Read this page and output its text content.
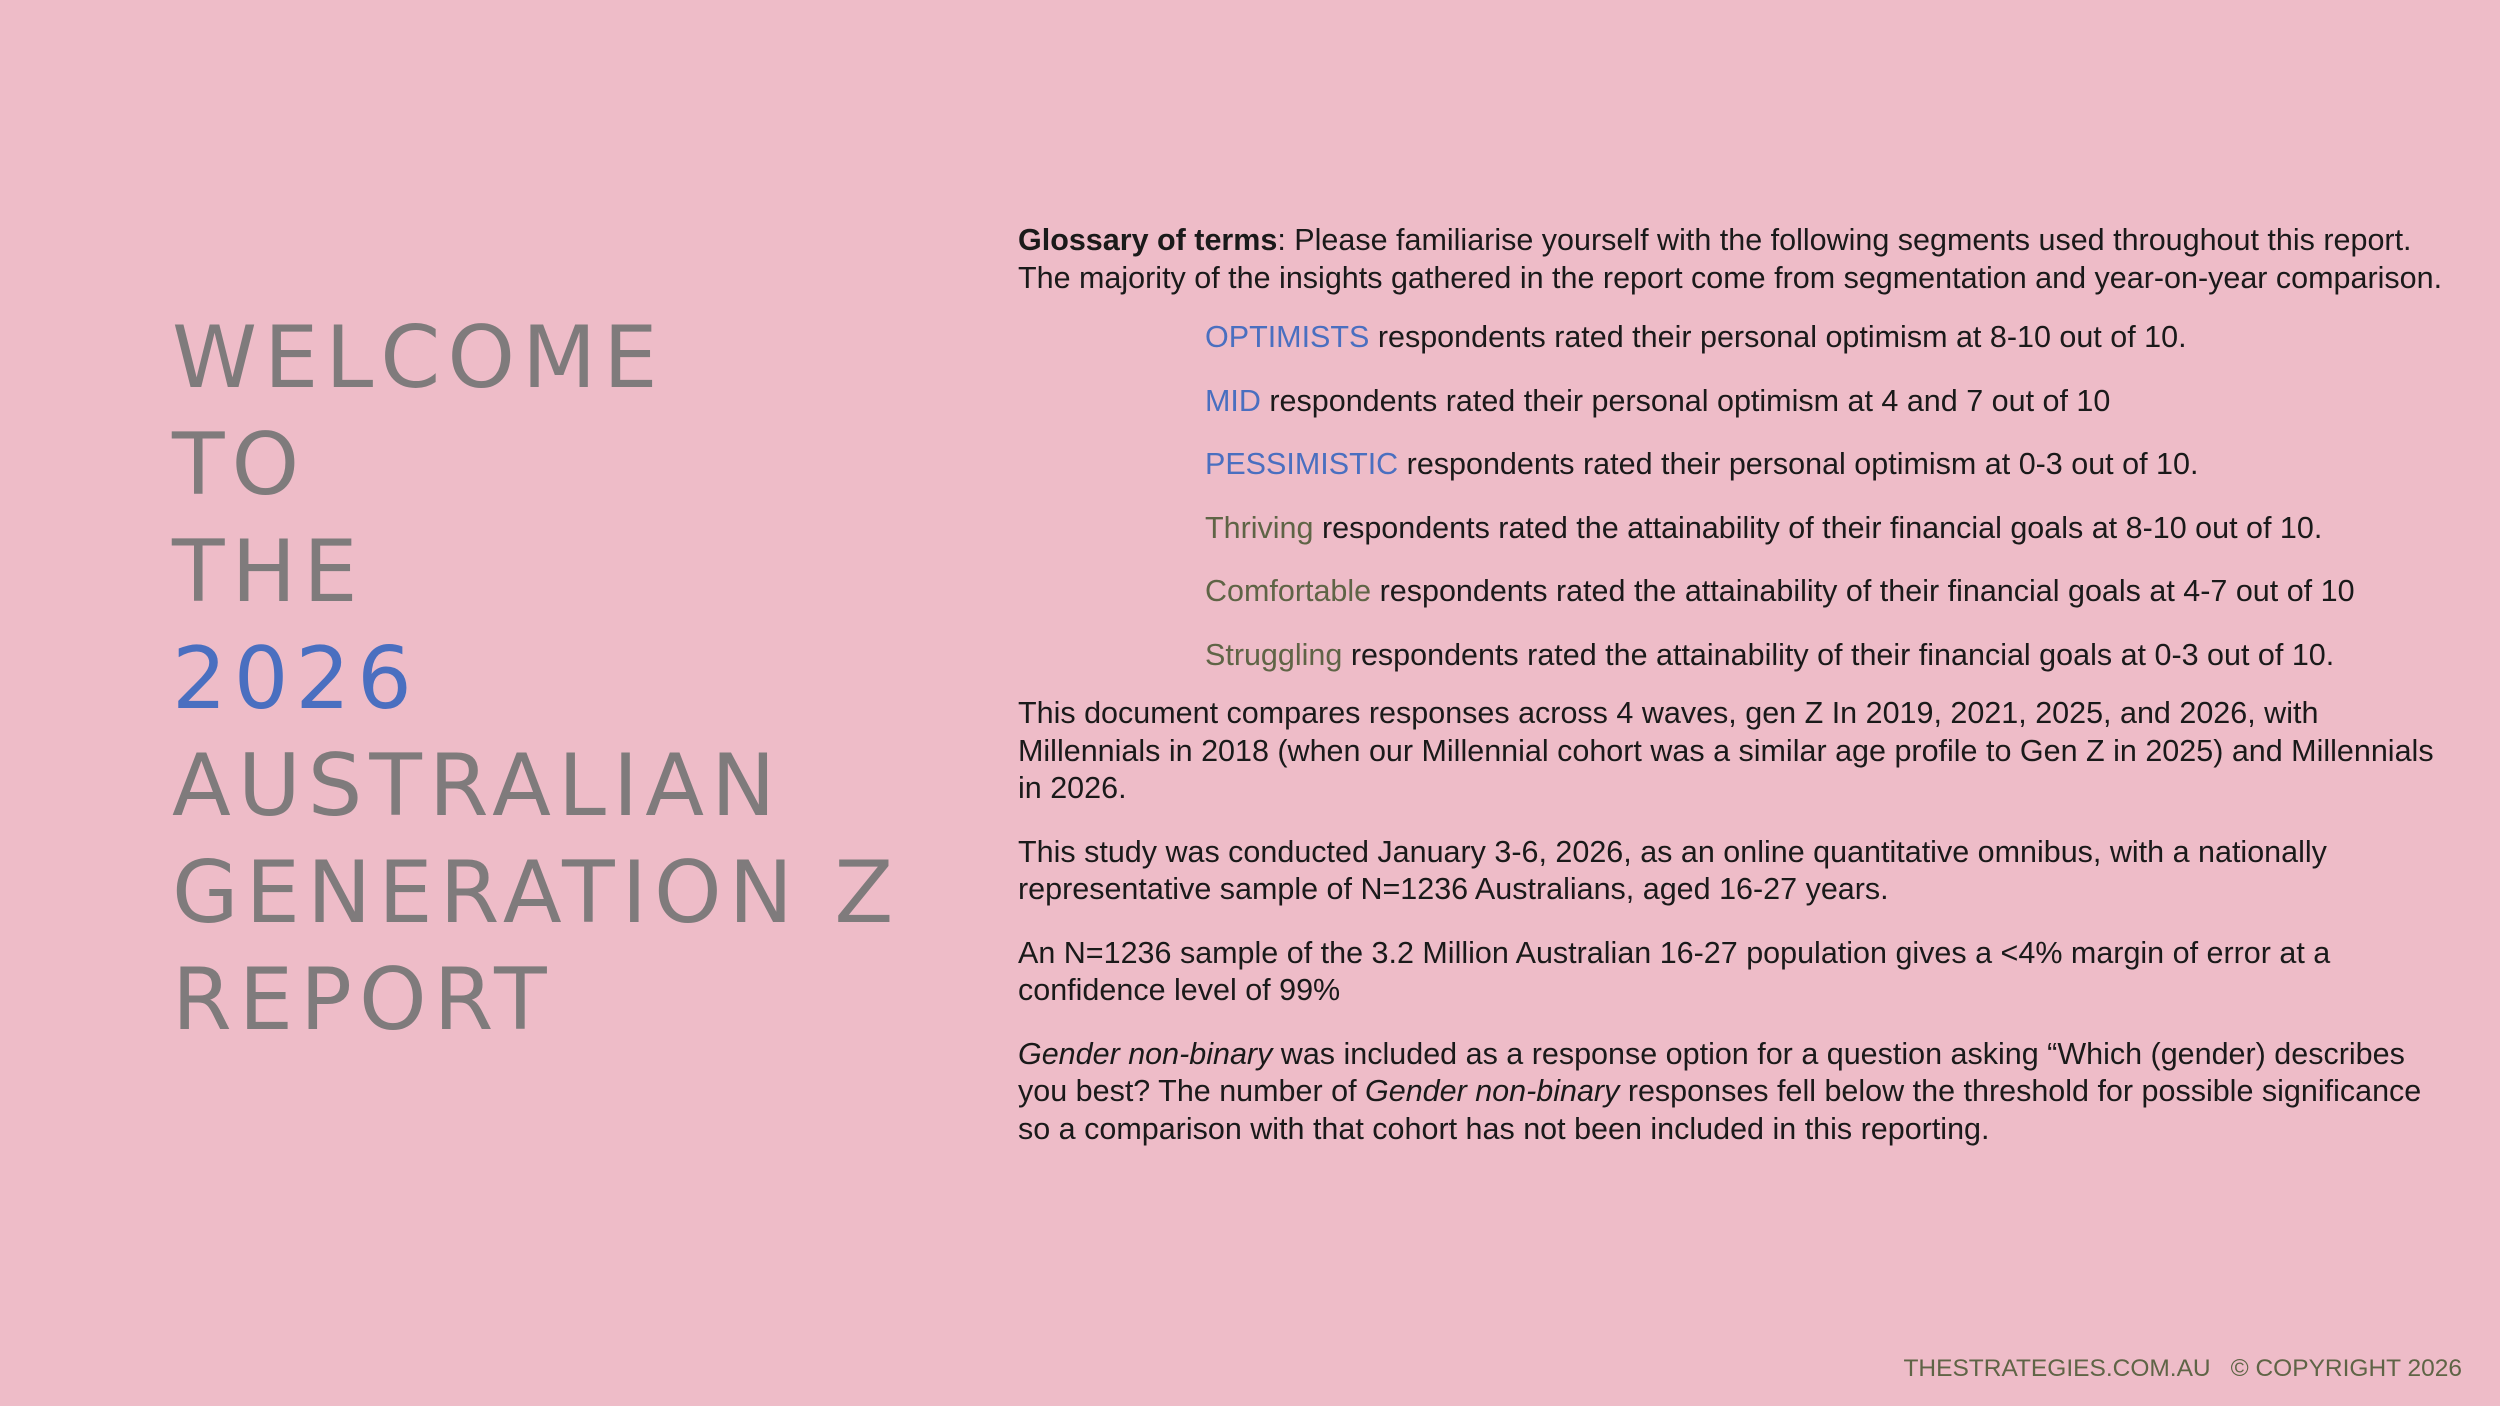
WELCOME
TO
THE
2026
AUSTRALIAN
GENERATION Z
REPORT

Glossary of terms: Please familiarise yourself with the following segments used throughout this report. The majority of the insights gathered in the report come from segmentation and year-on-year comparison.

OPTIMISTS respondents rated their personal optimism at 8-10 out of 10.
MID respondents rated their personal optimism at 4 and 7 out of 10
PESSIMISTIC respondents rated their personal optimism at 0-3 out of 10.
Thriving respondents rated the attainability of their financial goals at 8-10 out of 10.
Comfortable respondents rated the attainability of their financial goals at 4-7 out of 10
Struggling respondents rated the attainability of their financial goals at 0-3 out of 10.

This document compares responses across 4 waves, gen Z In 2019, 2021, 2025, and 2026, with Millennials in 2018 (when our Millennial cohort was a similar age profile to Gen Z in 2025) and Millennials in 2026.

This study was conducted January 3-6, 2026, as an online quantitative omnibus, with a nationally representative sample of N=1236 Australians, aged 16-27 years.

An N=1236 sample of the 3.2 Million Australian 16-27 population gives a <4% margin of error at a confidence level of 99%

Gender non-binary was included as a response option for a question asking “Which (gender) describes you best? The number of Gender non-binary responses fell below the threshold for possible significance so a comparison with that cohort has not been included in this reporting.

THESTRATEGIES.COM.AU © COPYRIGHT 2026
